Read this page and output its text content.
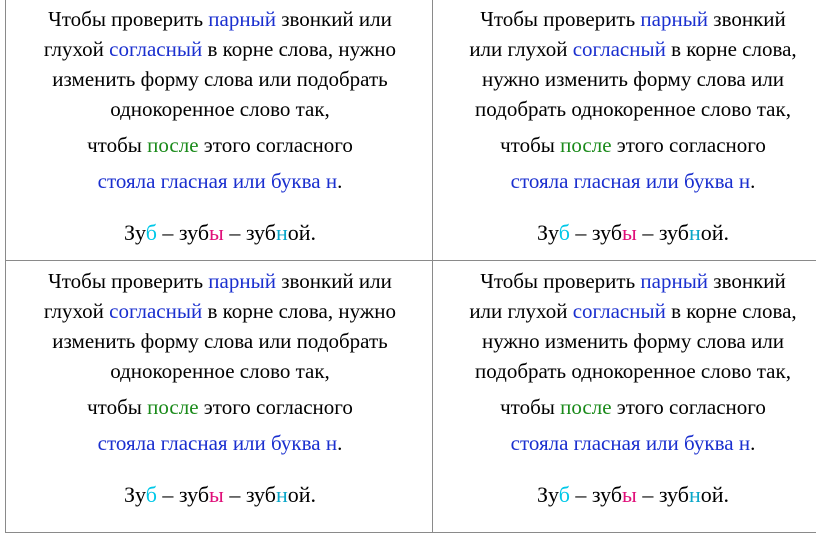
Чтобы проверить парный звонкий или
глухой согласный в корне слова, нужно
изменить форму слова или подобрать
однокоренное слово так,
чтобы после этого согласного
стояла гласная или буква н.
Зуб – зубы – зубной.
Чтобы проверить парный звонкий
или глухой согласный в корне слова,
нужно изменить форму слова или
подобрать однокоренное слово так,
чтобы после этого согласного
стояла гласная или буква н.
Зуб – зубы – зубной.
Чтобы проверить парный звонкий или
глухой согласный в корне слова, нужно
изменить форму слова или подобрать
однокоренное слово так,
чтобы после этого согласного
стояла гласная или буква н.
Зуб – зубы – зубной.
Чтобы проверить парный звонкий
или глухой согласный в корне слова,
нужно изменить форму слова или
подобрать однокоренное слово так,
чтобы после этого согласного
стояла гласная или буква н.
Зуб – зубы – зубной.
